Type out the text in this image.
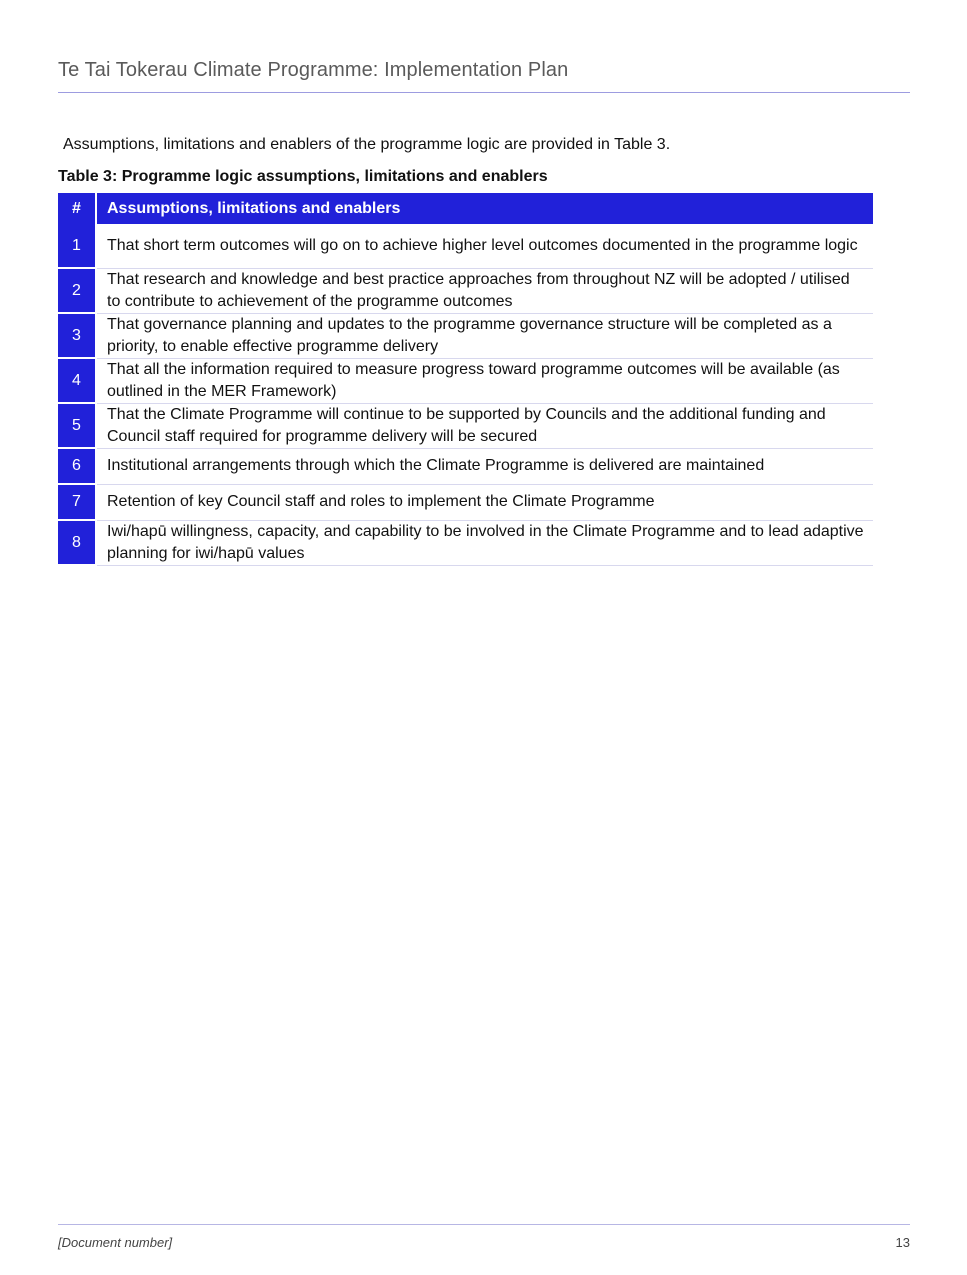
Te Tai Tokerau Climate Programme: Implementation Plan
Assumptions, limitations and enablers of the programme logic are provided in Table 3.
Table 3: Programme logic assumptions, limitations and enablers
#	Assumptions, limitations and enablers
1	That short term outcomes will go on to achieve higher level outcomes documented in the programme logic
2	That research and knowledge and best practice approaches from throughout NZ will be adopted / utilised to contribute to achievement of the programme outcomes
3	That governance planning and updates to the programme governance structure will be completed as a priority, to enable effective programme delivery
4	That all the information required to measure progress toward programme outcomes will be available (as outlined in the MER Framework)
5	That the Climate Programme will continue to be supported by Councils and the additional funding and Council staff required for programme delivery will be secured
6	Institutional arrangements through which the Climate Programme is delivered are maintained
7	Retention of key Council staff and roles to implement the Climate Programme
8	Iwi/hapū willingness, capacity, and capability to be involved in the Climate Programme and to lead adaptive planning for iwi/hapū values
[Document number]	13
